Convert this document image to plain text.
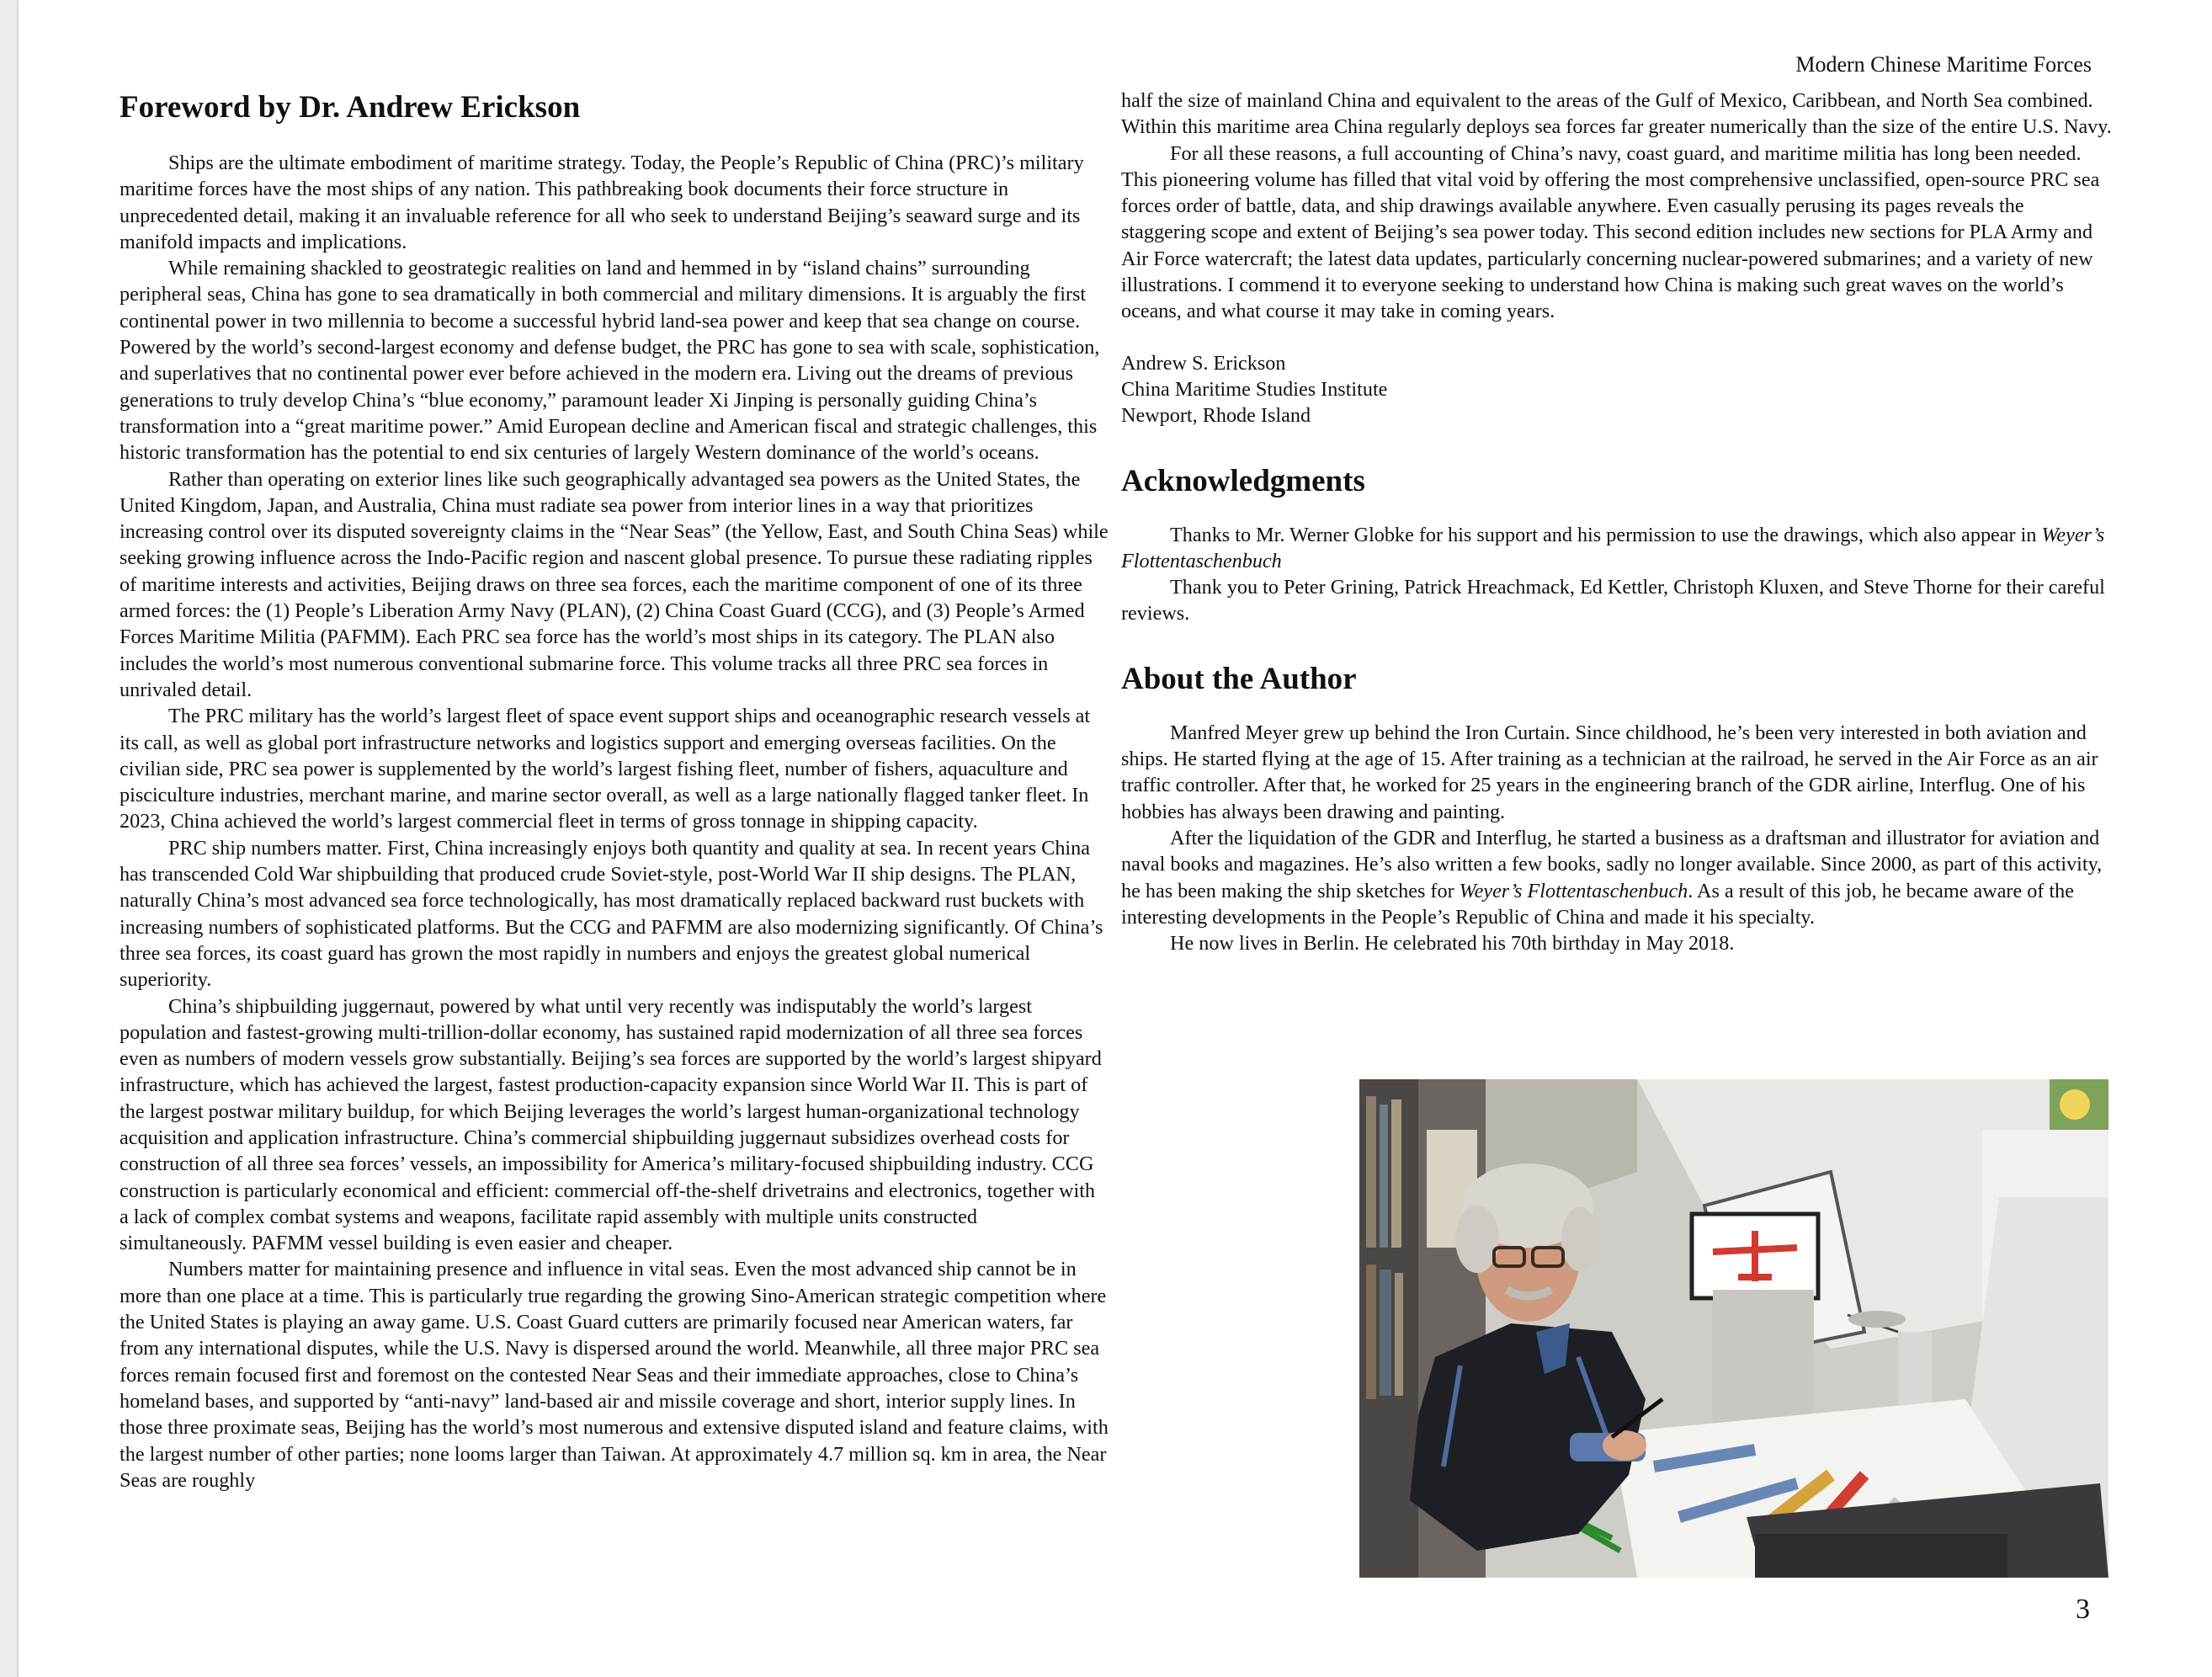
Modern Chinese Maritime Forces
Foreword by Dr. Andrew Erickson

Ships are the ultimate embodiment of maritime strategy. Today, the People’s Republic of China (PRC)’s military maritime forces have the most ships of any nation. This pathbreaking book documents their force structure in unprecedented detail, making it an invaluable reference for all who seek to understand Beijing’s seaward surge and its manifold impacts and implications.

While remaining shackled to geostrategic realities on land and hemmed in by “island chains” surrounding peripheral seas, China has gone to sea dramatically in both commercial and military dimensions. It is arguably the first continental power in two millennia to become a successful hybrid land-sea power and keep that sea change on course. Powered by the world’s second-largest economy and defense budget, the PRC has gone to sea with scale, sophistication, and superlatives that no continental power ever before achieved in the modern era. Living out the dreams of previous generations to truly develop China’s “blue economy,” paramount leader Xi Jinping is personally guiding China’s transformation into a “great maritime power.” Amid European decline and American fiscal and strategic challenges, this historic transformation has the potential to end six centuries of largely Western dominance of the world’s oceans.

Rather than operating on exterior lines like such geographically advantaged sea powers as the United States, the United Kingdom, Japan, and Australia, China must radiate sea power from interior lines in a way that prioritizes increasing control over its disputed sovereignty claims in the “Near Seas” (the Yellow, East, and South China Seas) while seeking growing influence across the Indo-Pacific region and nascent global presence. To pursue these radiating ripples of maritime interests and activities, Beijing draws on three sea forces, each the maritime component of one of its three armed forces: the (1) People’s Liberation Army Navy (PLAN), (2) China Coast Guard (CCG), and (3) People’s Armed Forces Maritime Militia (PAFMM). Each PRC sea force has the world’s most ships in its category. The PLAN also includes the world’s most numerous conventional submarine force. This volume tracks all three PRC sea forces in unrivaled detail.

The PRC military has the world’s largest fleet of space event support ships and oceanographic research vessels at its call, as well as global port infrastructure networks and logistics support and emerging overseas facilities. On the civilian side, PRC sea power is supplemented by the world’s largest fishing fleet, number of fishers, aquaculture and pisciculture industries, merchant marine, and marine sector overall, as well as a large nationally flagged tanker fleet. In 2023, China achieved the world’s largest commercial fleet in terms of gross tonnage in shipping capacity.

PRC ship numbers matter. First, China increasingly enjoys both quantity and quality at sea. In recent years China has transcended Cold War shipbuilding that produced crude Soviet-style, post-World War II ship designs. The PLAN, naturally China’s most advanced sea force technologically, has most dramatically replaced backward rust buckets with increasing numbers of sophisticated platforms. But the CCG and PAFMM are also modernizing significantly. Of China’s three sea forces, its coast guard has grown the most rapidly in numbers and enjoys the greatest global numerical superiority.

China’s shipbuilding juggernaut, powered by what until very recently was indisputably the world’s largest population and fastest-growing multi-trillion-dollar economy, has sustained rapid modernization of all three sea forces even as numbers of modern vessels grow substantially. Beijing’s sea forces are supported by the world’s largest shipyard infrastructure, which has achieved the largest, fastest production-capacity expansion since World War II. This is part of the largest postwar military buildup, for which Beijing leverages the world’s largest human-organizational technology acquisition and application infrastructure. China’s commercial shipbuilding juggernaut subsidizes overhead costs for construction of all three sea forces’ vessels, an impossibility for America’s military-focused shipbuilding industry. CCG construction is particularly economical and efficient: commercial off-the-shelf drivetrains and electronics, together with a lack of complex combat systems and weapons, facilitate rapid assembly with multiple units constructed simultaneously. PAFMM vessel building is even easier and cheaper.

Numbers matter for maintaining presence and influence in vital seas. Even the most advanced ship cannot be in more than one place at a time. This is particularly true regarding the growing Sino-American strategic competition where the United States is playing an away game. U.S. Coast Guard cutters are primarily focused near American waters, far from any international disputes, while the U.S. Navy is dispersed around the world. Meanwhile, all three major PRC sea forces remain focused first and foremost on the contested Near Seas and their immediate approaches, close to China’s homeland bases, and supported by “anti-navy” land-based air and missile coverage and short, interior supply lines. In those three proximate seas, Beijing has the world’s most numerous and extensive disputed island and feature claims, with the largest number of other parties; none looms larger than Taiwan. At approximately 4.7 million sq. km in area, the Near Seas are roughly

half the size of mainland China and equivalent to the areas of the Gulf of Mexico, Caribbean, and North Sea combined. Within this maritime area China regularly deploys sea forces far greater numerically than the size of the entire U.S. Navy.

For all these reasons, a full accounting of China’s navy, coast guard, and maritime militia has long been needed. This pioneering volume has filled that vital void by offering the most comprehensive unclassified, open-source PRC sea forces order of battle, data, and ship drawings available anywhere. Even casually perusing its pages reveals the staggering scope and extent of Beijing’s sea power today. This second edition includes new sections for PLA Army and Air Force watercraft; the latest data updates, particularly concerning nuclear-powered submarines; and a variety of new illustrations. I commend it to everyone seeking to understand how China is making such great waves on the world’s oceans, and what course it may take in coming years.

Andrew S. Erickson
China Maritime Studies Institute
Newport, Rhode Island
Acknowledgments

Thanks to Mr. Werner Globke for his support and his permission to use the drawings, which also appear in Weyer’s Flottentaschenbuch

Thank you to Peter Grining, Patrick Hreachmack, Ed Kettler, Christoph Kluxen, and Steve Thorne for their careful reviews.

About the Author

Manfred Meyer grew up behind the Iron Curtain. Since childhood, he’s been very interested in both aviation and ships. He started flying at the age of 15. After training as a technician at the railroad, he served in the Air Force as an air traffic controller. After that, he worked for 25 years in the engineering branch of the GDR airline, Interflug. One of his hobbies has always been drawing and painting.

After the liquidation of the GDR and Interflug, he started a business as a draftsman and illustrator for aviation and naval books and magazines. He’s also written a few books, sadly no longer available. Since 2000, as part of this activity, he has been making the ship sketches for Weyer’s Flottentaschenbuch. As a result of this job, he became aware of the interesting developments in the People’s Republic of China and made it his specialty.

He now lives in Berlin. He celebrated his 70th birthday in May 2018.

3
